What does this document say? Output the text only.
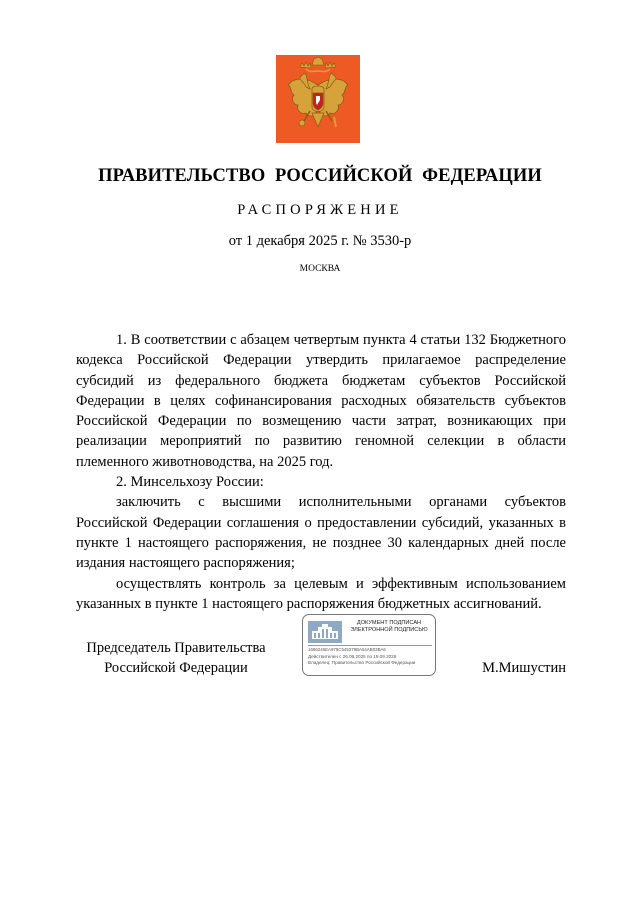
ПРАВИТЕЛЬСТВО РОССИЙСКОЙ ФЕДЕРАЦИИ
РАСПОРЯЖЕНИЕ
от 1 декабря 2025 г. № 3530-р
МОСКВА

1. В соответствии с абзацем четвертым пункта 4 статьи 132 Бюджетного кодекса Российской Федерации утвердить прилагаемое распределение субсидий из федерального бюджета бюджетам субъектов Российской Федерации в целях софинансирования расходных обязательств субъектов Российской Федерации по возмещению части затрат, возникающих при реализации мероприятий по развитию геномной селекции в области племенного животноводства, на 2025 год.

2. Минсельхозу России:

заключить с высшими исполнительными органами субъектов Российской Федерации соглашения о предоставлении субсидий, указанных в пункте 1 настоящего распоряжения, не позднее 30 календарных дней после издания настоящего распоряжения;

осуществлять контроль за целевым и эффективным использованием указанных в пункте 1 настоящего распоряжения бюджетных ассигнований.

Председатель Правительства
Российской Федерации
ДОКУМЕНТ ПОДПИСАН
ЭЛЕКТРОННОЙ ПОДПИСЬЮ
1686246EA979C545379BA54AB03BA6
Действителен с 26.06.2025 по 19.09.2026
Владелец: Правительство Российской Федерации	М.Мишустин
